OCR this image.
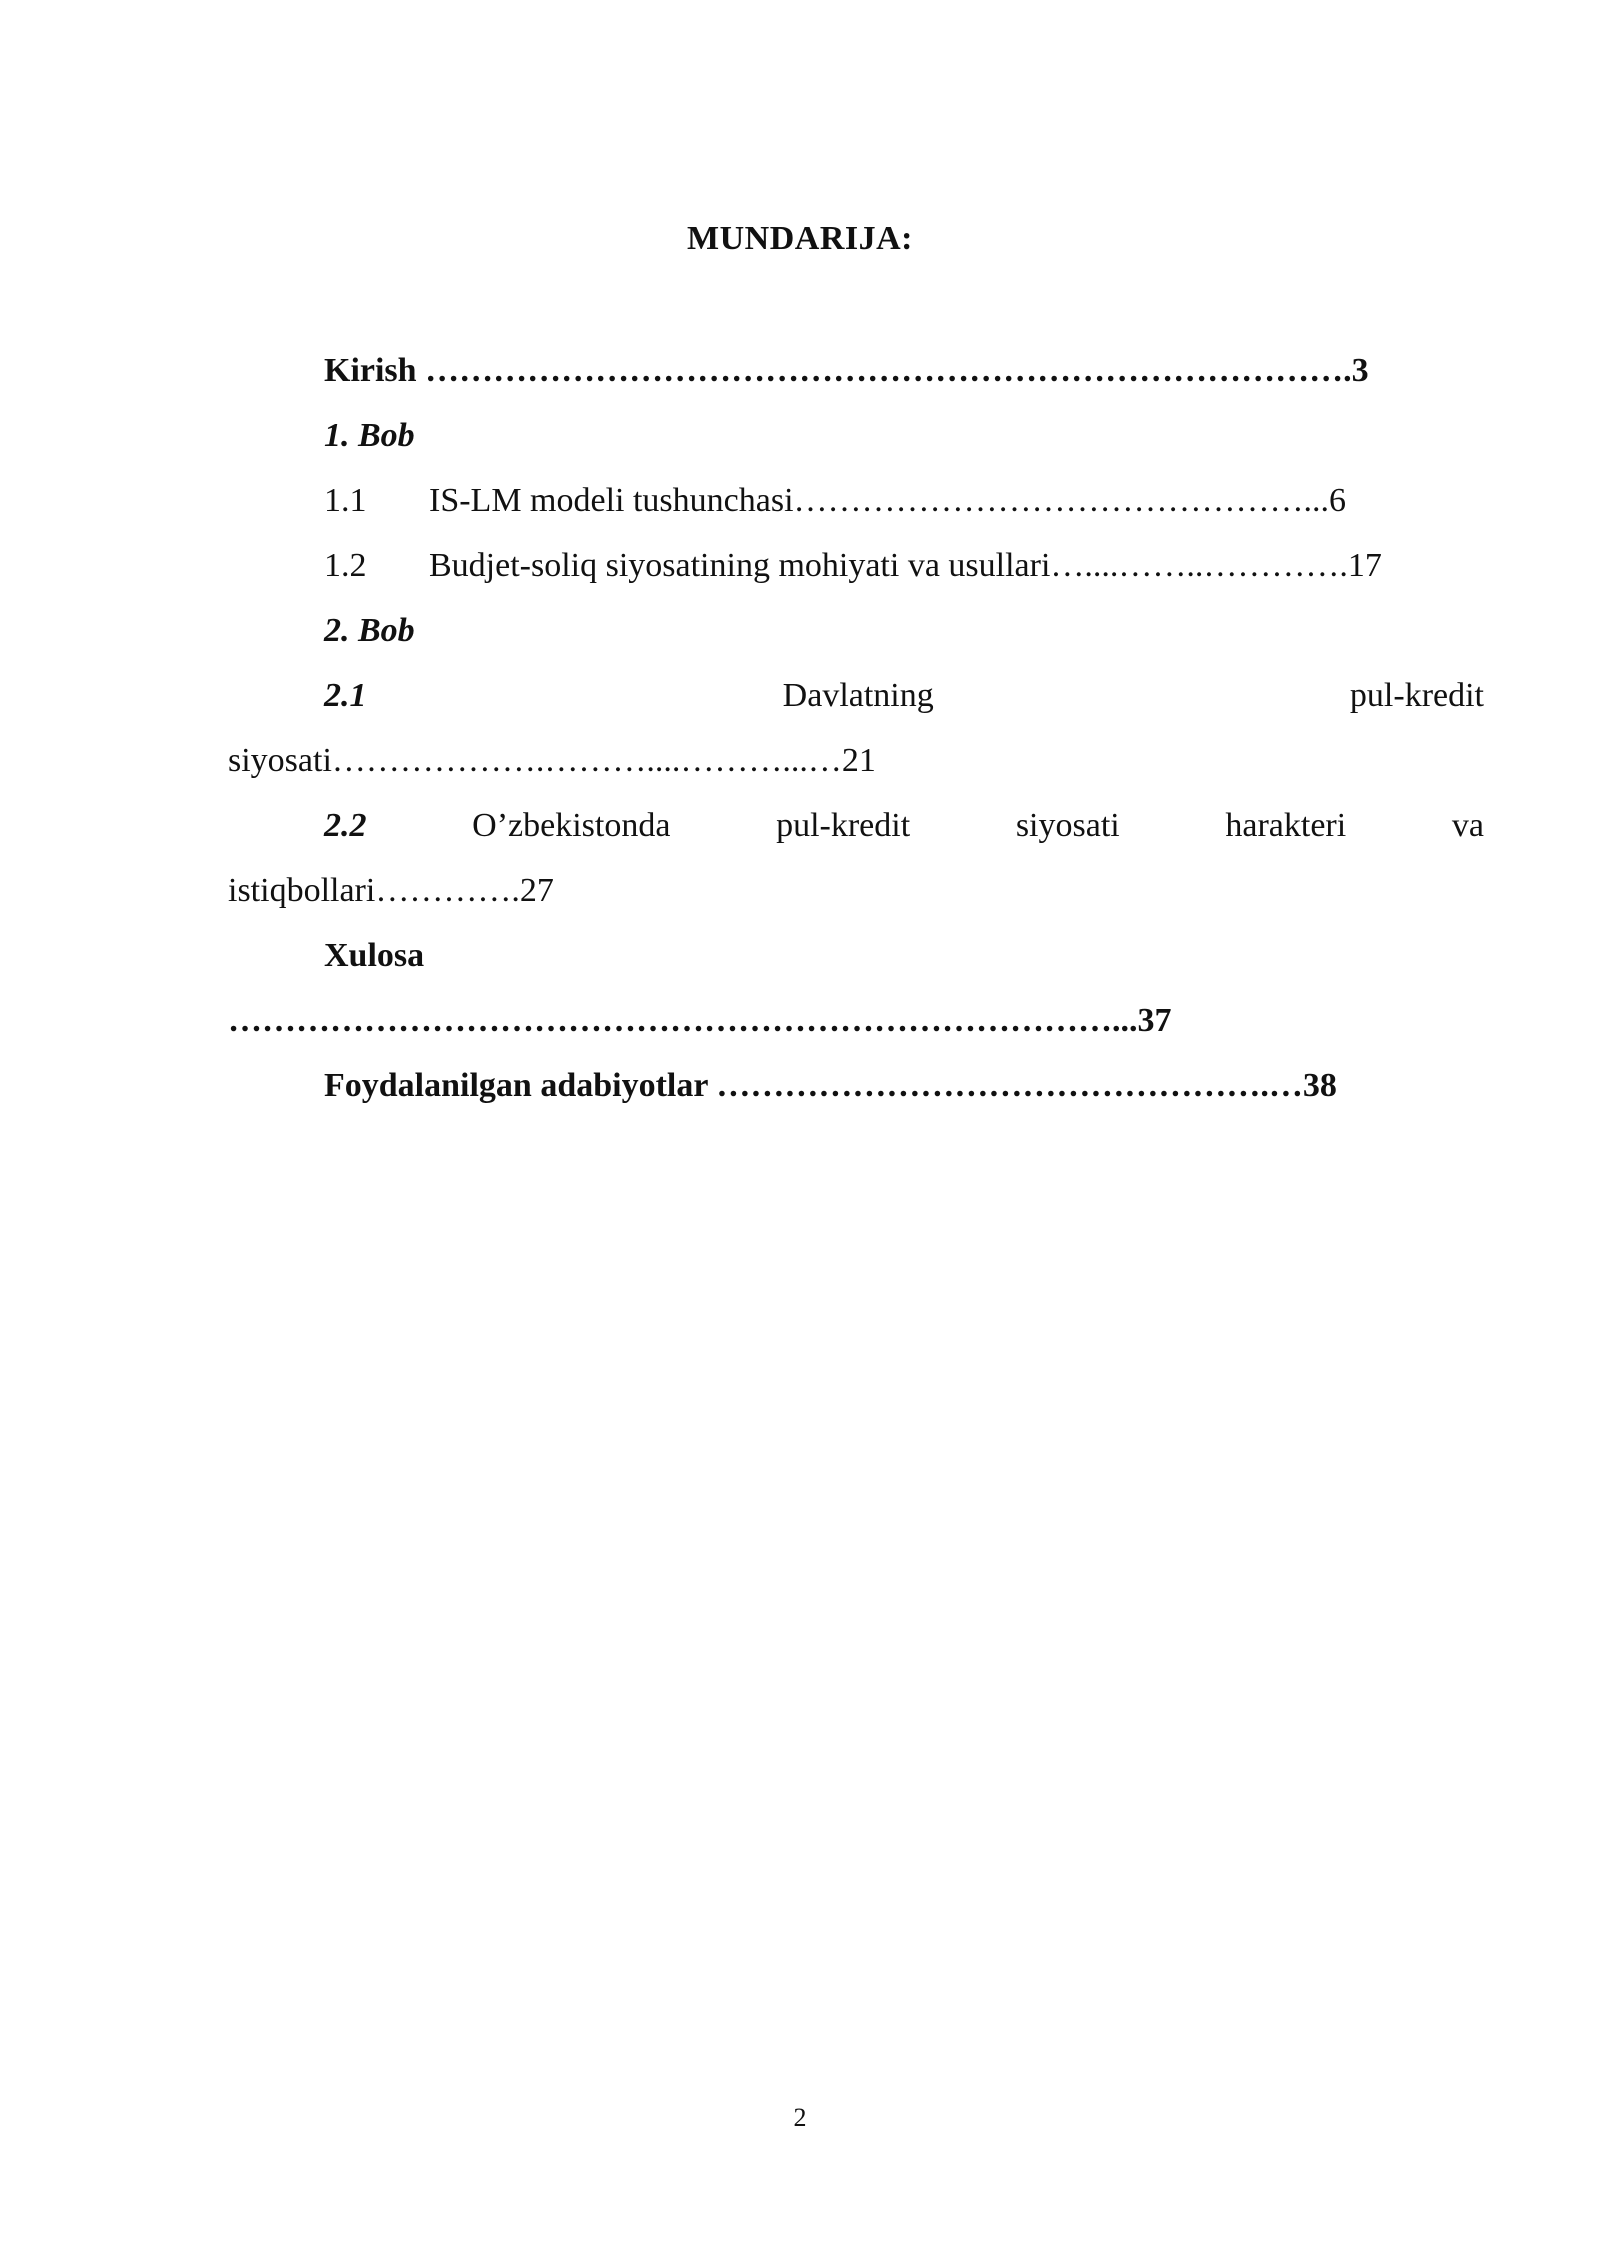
MUNDARIJA:
Kirish ……………………………………………………………………….3
1. Bob
1.1 IS-LM modeli tushunchasi………………………………………...6
1.2 Budjet-soliq siyosatining mohiyati va usullari…....……..………….17
2. Bob
2.1	Davlatning	pul-kredit
siyosati……………….………....………...…21
2.2	O’zbekistonda	pul-kredit	siyosati	harakteri	va
istiqbollari………….27
Xulosa
……………………………………………………………………...37
Foydalanilgan adabiyotlar ………………………………………….…38
2
